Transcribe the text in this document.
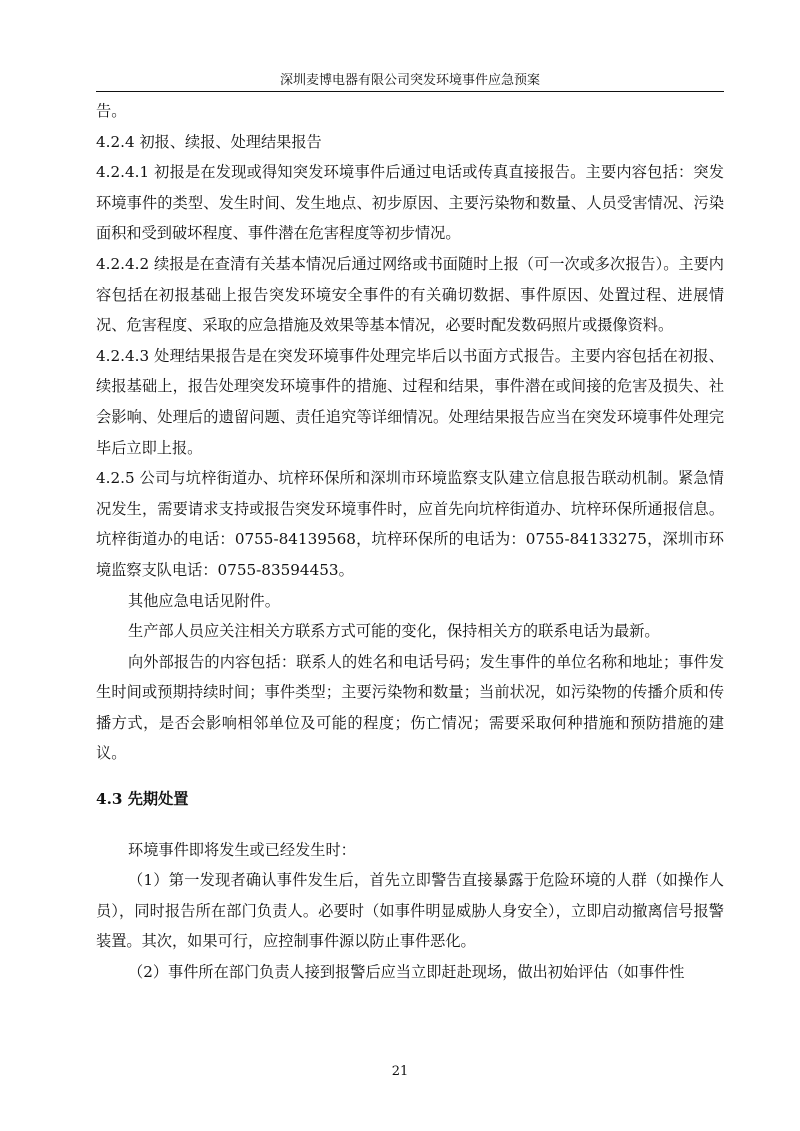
深圳麦博电器有限公司突发环境事件应急预案

告。

4.2.4 初报、续报、处理结果报告

4.2.4.1 初报是在发现或得知突发环境事件后通过电话或传真直接报告。主要内容包括：突发环境事件的类型、发生时间、发生地点、初步原因、主要污染物和数量、人员受害情况、污染面积和受到破坏程度、事件潜在危害程度等初步情况。

4.2.4.2 续报是在查清有关基本情况后通过网络或书面随时上报（可一次或多次报告）。主要内容包括在初报基础上报告突发环境安全事件的有关确切数据、事件原因、处置过程、进展情况、危害程度、采取的应急措施及效果等基本情况，必要时配发数码照片或摄像资料。

4.2.4.3 处理结果报告是在突发环境事件处理完毕后以书面方式报告。主要内容包括在初报、续报基础上，报告处理突发环境事件的措施、过程和结果，事件潜在或间接的危害及损失、社会影响、处理后的遗留问题、责任追究等详细情况。处理结果报告应当在突发环境事件处理完毕后立即上报。

4.2.5 公司与坑梓街道办、坑梓环保所和深圳市环境监察支队建立信息报告联动机制。紧急情况发生，需要请求支持或报告突发环境事件时，应首先向坑梓街道办、坑梓环保所通报信息。坑梓街道办的电话：0755-84139568，坑梓环保所的电话为：0755-84133275，深圳市环境监察支队电话：0755-83594453。

其他应急电话见附件。

生产部人员应关注相关方联系方式可能的变化，保持相关方的联系电话为最新。

向外部报告的内容包括：联系人的姓名和电话号码；发生事件的单位名称和地址；事件发生时间或预期持续时间；事件类型；主要污染物和数量；当前状况，如污染物的传播介质和传播方式，是否会影响相邻单位及可能的程度；伤亡情况；需要采取何种措施和预防措施的建议。

4.3 先期处置

环境事件即将发生或已经发生时：

（1）第一发现者确认事件发生后，首先立即警告直接暴露于危险环境的人群（如操作人员），同时报告所在部门负责人。必要时（如事件明显威胁人身安全），立即启动撤离信号报警装置。其次，如果可行，应控制事件源以防止事件恶化。

（2）事件所在部门负责人接到报警后应当立即赶赴现场，做出初始评估（如事件性

21
